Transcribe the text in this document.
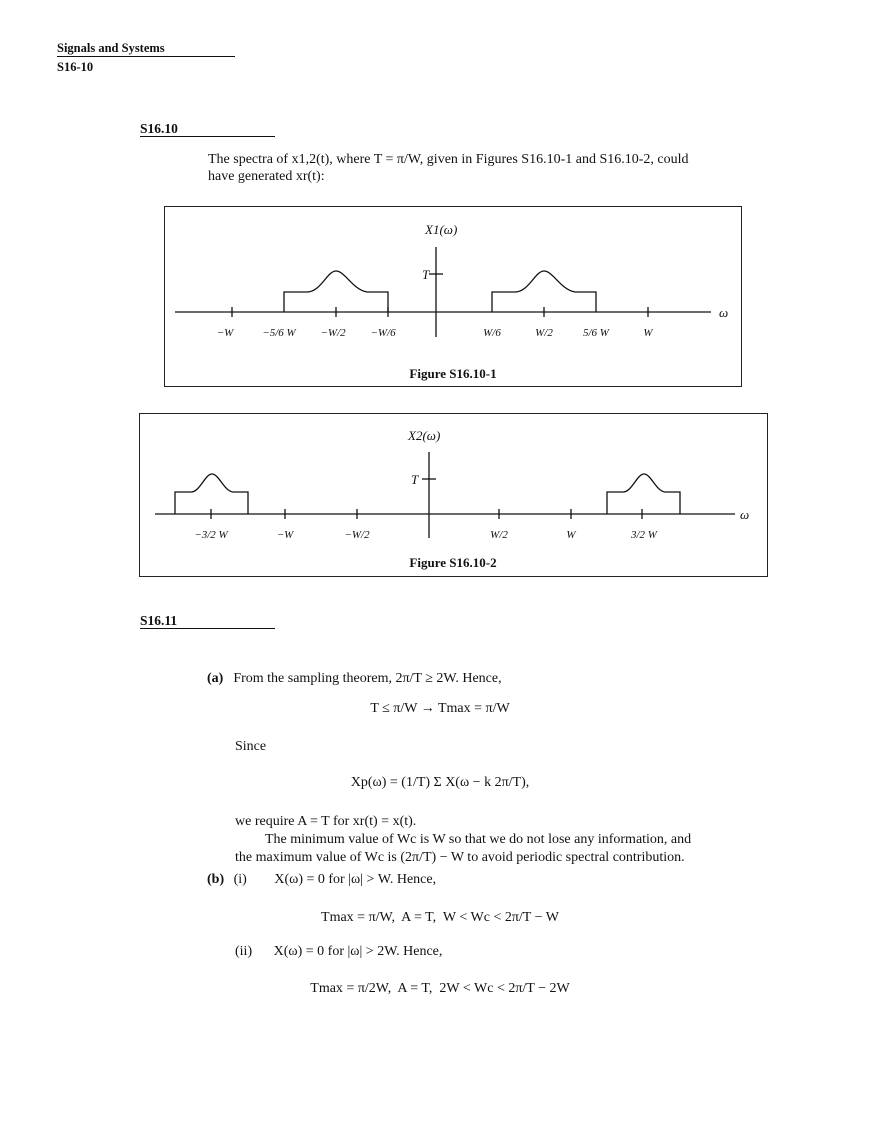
Signals and Systems
S16-10
S16.10

The spectra of x1,2(t), where T = π/W, given in Figures S16.10-1 and S16.10-2, could

have generated xr(t):

X1(ω)
T
ω
−W	−5/6 W −W/2 −W/6	W/6	W/2	5/6 W	W
Figure S16.10-1
X2(ω)
T
ω
−3/2 W	−W	−W/2	W/2	W	3/2 W
Figure S16.10-2
S16.11
(a) From the sampling theorem, 2π/T ≥ 2W. Hence,
T ≤ π/W → Tmax = π/W
Since
Xp(ω) = (1/T) Σ X(ω − k 2π/T),
we require A = T for xr(t) = x(t).
The minimum value of Wc is W so that we do not lose any information, and
the maximum value of Wc is (2π/T) − W to avoid periodic spectral contribution.
(b) (i) X(ω) = 0 for |ω| > W. Hence,
Tmax = π/W,  A = T,  W < Wc < 2π/T − W
(ii) X(ω) = 0 for |ω| > 2W. Hence,
Tmax = π/2W,  A = T,  2W < Wc < 2π/T − 2W
